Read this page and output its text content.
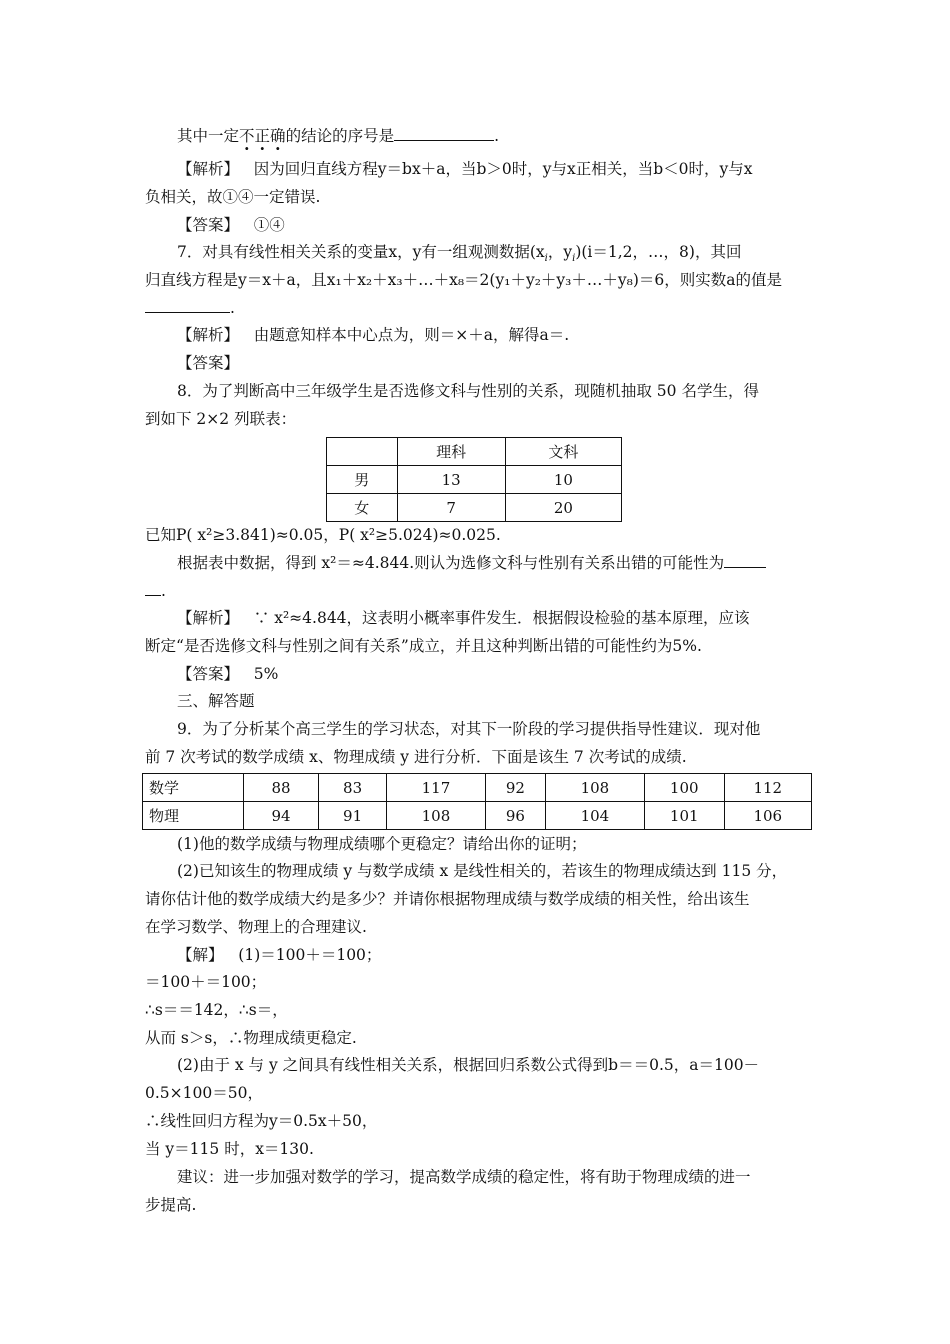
其中一定不正确的结论的序号是	.
【解析】 因为回归直线方程y＝bx＋a，当b＞0时，y与x正相关，当b＜0时，y与x
负相关，故①④一定错误.
【答案】 ①④
7．对具有线性相关关系的变量x，y有一组观测数据($x_i$，$y_i)(i=1,2$，…，8)，其回
归直线方程是y＝x＋a，且x₁＋x₂＋x₃＋…＋x₈＝2(y₁＋y₂＋y₃＋…＋y₈)＝6，则实数a的值是
.
【解析】 由题意知样本中心点为，则＝×＋a，解得a＝.
【答案】
8．为了判断高中三年级学生是否选修文科与性别的关系，现随机抽取 50 名学生，得
到如下 2×2 列联表：
	理科	文科
男	13	10
女	7	20
已知P( x²≥3.841)≈0.05，P( x²≥5.024)≈0.025.
根据表中数据，得到 x²＝≈4.844.则认为选修文科与性别有关系出错的可能性为
.
【解析】 ∵ x²≈4.844，这表明小概率事件发生．根据假设检验的基本原理，应该
断定“是否选修文科与性别之间有关系”成立，并且这种判断出错的可能性约为5%.
【答案】 5%
三、解答题
9．为了分析某个高三学生的学习状态，对其下一阶段的学习提供指导性建议．现对他
前 7 次考试的数学成绩 x、物理成绩 y 进行分析．下面是该生 7 次考试的成绩.
数学	88	83	117	92	108	100	112
物理	94	91	108	96	104	101	106
(1)他的数学成绩与物理成绩哪个更稳定？请给出你的证明；
(2)已知该生的物理成绩 y 与数学成绩 x 是线性相关的，若该生的物理成绩达到 115 分，
请你估计他的数学成绩大约是多少？并请你根据物理成绩与数学成绩的相关性，给出该生
在学习数学、物理上的合理建议.
【解】 (1)＝100＋＝100；
＝100＋＝100；
∴s＝＝142，∴s＝，
从而 s＞s，∴物理成绩更稳定.
(2)由于 x 与 y 之间具有线性相关关系，根据回归系数公式得到b＝＝0.5，a＝100－
0.5×100＝50，
∴线性回归方程为y＝0.5x＋50，
当 y＝115 时，x＝130.
建议：进一步加强对数学的学习，提高数学成绩的稳定性，将有助于物理成绩的进一
步提高.
